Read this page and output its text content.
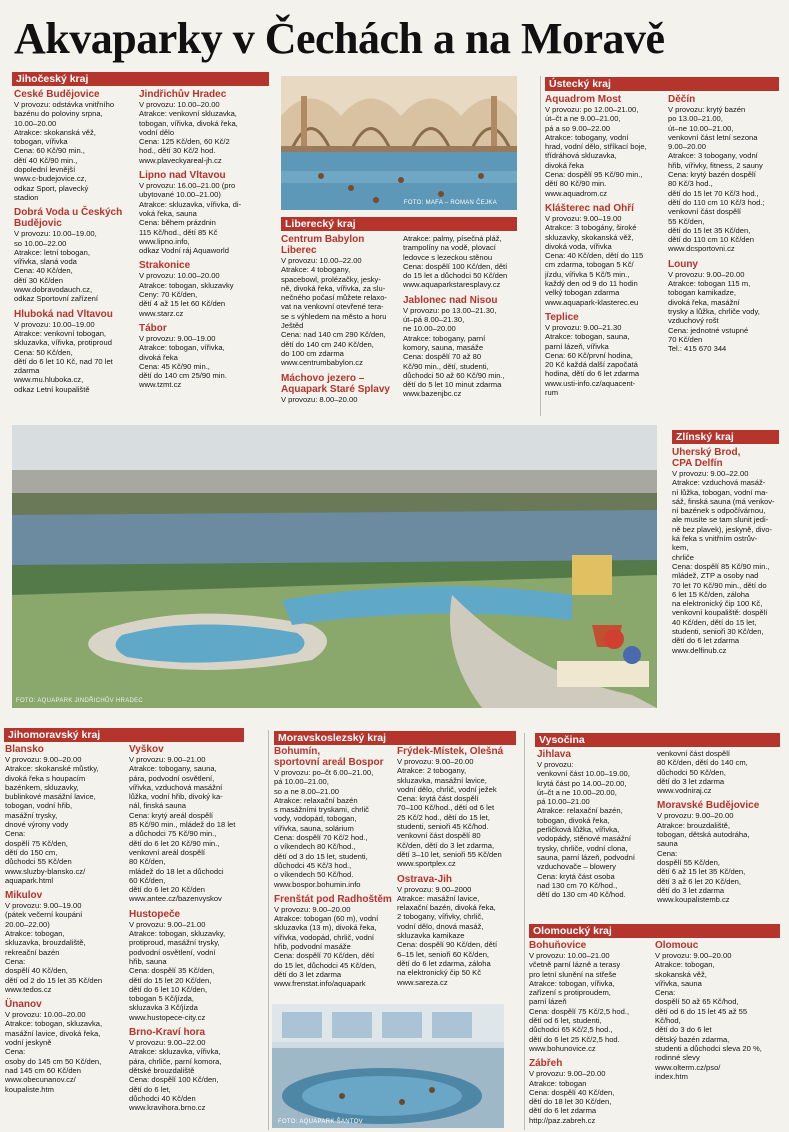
Akvaparky v Čechách a na Moravě
FOTO: MAFA – ROMAN ČEJKA
FOTO: AQUAPARK JINDŘICHŮV HRADEC
FOTO: AQUAPARK ŠANTOV
Jihočeský kraj	Ústecký kraj
Liberecký kraj
Zlínský kraj
Jihomoravský kraj	Moravskoslezský kraj	Vysočina
Olomoucký kraj
České Budějovice
V provozu: odstávka vnitřního
bazénu do poloviny srpna,
10.00–20.00
Atrakce: skokanská věž,
tobogan, vířivka
Cena: 60 Kč/90 min.,
dětí 40 Kč/90 min.,
dopolední levnější
www.c-budejovice.cz,
odkaz Sport, plavecký
stadion
Dobrá Voda u Českých
Budějovic
V provozu: 10.00–19.00,
so 10.00–22.00
Atrakce: letní tobogan,
vířivka, slaná voda
Cena: 40 Kč/den,
dětí 30 Kč/den
www.dobravodauch.cz,
odkaz Sportovní zařízení
Hluboká nad Vltavou
V provozu: 10.00–19.00
Atrakce: venkovní tobogan,
skluzavka, vířivka, protiproud
Cena: 50 Kč/den,
dětí do 6 let 10 Kč, nad 70 let
zdarma
www.mu.hluboka.cz,
odkaz Letní koupaliště
Jindřichův Hradec
V provozu: 10.00–20.00
Atrakce: venkovní skluzavka,
tobogan, vířivka, divoká řeka,
vodní dělo
Cena: 125 Kč/den, 60 Kč/2
hod., dětí 30 Kč/2 hod.
www.plaveckyareal-jh.cz
Lipno nad Vltavou
V provozu: 16.00–21.00 (pro
ubytované 10.00–21.00)
Atrakce: skluzavka, vířivka, di-
voká řeka, sauna
Cena: během prázdnin
115 Kč/hod., dětí 85 Kč
www.lipno.info,
odkaz Vodní ráj Aquaworld
Strakonice
V provozu: 10.00–20.00
Atrakce: tobogan, skluzavky
Ceny: 70 Kč/den,
dětí 4 až 15 let 60 Kč/den
www.starz.cz
Tábor
V provozu: 9.00–19.00
Atrakce: tobogan, vířivka,
divoká řeka
Cena: 45 Kč/90 min.,
dětí do 140 cm 25/90 min.
www.tzmt.cz
Centrum Babylon
Liberec
V provozu: 10.00–22.00
Atrakce: 4 tobogany,
spacebowl, prolézačky, jesky-
ně, divoká řeka, vířivka, za slu-
nečného počasí můžete relaxo-
vat na venkovní otevřené tera-
se s výhledem na město a horu
Ještěd
Cena: nad 140 cm 290 Kč/den,
dětí do 140 cm 240 Kč/den,
do 100 cm zdarma
www.centrumbabylon.cz
Máchovo jezero –
Aquapark Staré Splavy
V provozu: 8.00–20.00
Atrakce: palmy, písečná pláž,
trampolíny na vodě, plovací
ledovce s lezeckou stěnou
Cena: dospělí 100 Kč/den, dětí
do 15 let a důchodci 50 Kč/den
www.aquaparkstaresplavy.cz
Jablonec nad Nisou
V provozu: po 13.00–21.30,
út–pá 8.00–21.30,
ne 10.00–20.00
Atrakce: tobogany, parní
komory, sauna, masáže
Cena: dospělí 70 až 80
Kč/90 min., dětí, studenti,
důchodci 50 až 60 Kč/90 min.,
dětí do 5 let 10 minut zdarma
www.bazenjbc.cz
Aquadrom Most
V provozu: po 12.00–21.00,
út–čt a ne 9.00–21.00,
pá a so 9.00–22.00
Atrakce: tobogany, vodní
hrad, vodní dělo, stříkací boje,
třídráhová skluzavka,
divoká řeka
Cena: dospělí 95 Kč/90 min.,
dětí 80 Kč/90 min.
www.aquadrom.cz
Klášterec nad Ohří
V provozu: 9.00–19.00
Atrakce: 3 tobogány, široké
skluzavky, skokanská věž,
divoká voda, vířivka
Cena: 40 Kč/den, dětí do 115
cm zdarma, tobogan 5 Kč/
jízdu, vířivka 5 Kč/5 min.,
každý den od 9 do 11 hodin
velký tobogan zdarma
www.aquapark-klasterec.eu
Teplice
V provozu: 9.00–21.30
Atrakce: tobogan, sauna,
parní lázeň, vířivka
Cena: 60 Kč/první hodina,
20 Kč každá další započatá
hodina, dětí do 6 let zdarma
www.usti-info.cz/aquacent-
rum
Děčín
V provozu: krytý bazén
po 13.00–21.00,
út–ne 10.00–21.00,
venkovní část letní sezona
9.00–20.00
Atrakce: 3 tobogany, vodní
hřib, vířivky, fitness, 2 sauny
Cena: krytý bazén dospělí
80 Kč/3 hod.,
dětí do 15 let 70 Kč/3 hod.,
dětí do 110 cm 10 Kč/3 hod.;
venkovní část dospělí
55 Kč/den,
dětí do 15 let 35 Kč/den,
dětí do 110 cm 10 Kč/den
www.dcsportovni.cz
Louny
V provozu: 9.00–20.00
Atrakce: tobogan 115 m,
tobogan kamikadze,
divoká řeka, masážní
trysky a lůžka, chrliče vody,
vzduchový rošt
Cena: jednotné vstupné
70 Kč/den
Tel.: 415 670 344
Uherský Brod,
CPA Delfín
V provozu: 9.00–22.00
Atrakce: vzduchová masáž-
ní lůžka, tobogan, vodní ma-
sáž, finská sauna (má venkov-
ní bazének s odpočívárnou,
ale musíte se tam slunit jedi-
ně bez plavek), jeskyně, divo-
ká řeka s vnitřním ostrův-
kem,
chrliče
Cena: dospělí 85 Kč/90 min.,
mládež, ZTP a osoby nad
70 let 70 Kč/90 min., dětí do
6 let 15 Kč/den, záloha
na elektronický čip 100 Kč,
venkovní koupaliště: dospělí
40 Kč/den, dětí do 15 let,
studenti, senioři 30 Kč/den,
dětí do 6 let zdarma
www.delfinub.cz
Blansko
V provozu: 9.00–20.00
Atrakce: skokanské můstky,
divoká řeka s houpacím
bazénkem, skluzavky,
bublinkové masážní lavice,
tobogan, vodní hřib,
masážní trysky,
dnové výrony vody
Cena:
dospělí 75 Kč/den,
dětí do 150 cm,
důchodci 55 Kč/den
www.sluzby-blansko.cz/
aquapark.html
Mikulov
V provozu: 9.00–19.00
(pátek večerní koupání
20.00–22.00)
Atrakce: tobogan,
skluzavka, brouzdaliště,
rekreační bazén
Cena:
dospělí 40 Kč/den,
dětí od 2 do 15 let 35 Kč/den
www.tedos.cz
Ünanov
V provozu: 10.00–20.00
Atrakce: tobogan, skluzavka,
masážní lavice, divoká řeka,
vodní jeskyně
Cena:
osoby do 145 cm 50 Kč/den,
nad 145 cm 60 Kč/den
www.obecunanov.cz/
koupaliste.htm
Vyškov
V provozu: 9.00–21.00
Atrakce: tobogany, sauna,
pára, podvodní osvětlení,
vířivka, vzduchová masážní
lůžka, vodní hřib, divoký ka-
nál, finská sauna
Cena: krytý areál dospělí
85 Kč/90 min., mládež do 18 let
a důchodci 75 Kč/90 min.,
dětí do 6 let 20 Kč/90 min.,
venkovní areál dospělí
80 Kč/den,
mládež do 18 let a důchodci
60 Kč/den,
dětí do 6 let 20 Kč/den
www.antee.cz/bazenvyskov
Hustopeče
V provozu: 9.00–21.00
Atrakce: tobogan, skluzavky,
protiproud, masážní trysky,
podvodní osvětlení, vodní
hřib, sauna
Cena: dospělí 35 Kč/den,
dětí do 15 let 20 Kč/den,
dětí do 6 let 10 Kč/den,
tobogan 5 Kč/jízda,
skluzavka 3 Kč/jízda
www.hustopece-city.cz
Brno-Kraví hora
V provozu: 9.00–22.00
Atrakce: skluzavka, vířivka,
pára, chrliče, parní komora,
dětské brouzdaliště
Cena: dospělí 100 Kč/den,
dětí do 6 let,
důchodci 40 Kč/den
www.kravihora.brno.cz
Bohumín,
sportovní areál Bospor
V provozu: po–čt 6.00–21.00,
pá 10.00–21.00,
so a ne 8.00–21.00
Atrakce: relaxační bazén
s masážními tryskami, chrlič
vody, vodopád, tobogan,
vířivka, sauna, solárium
Cena: dospělí 70 Kč/2 hod.,
o víkendech 80 Kč/hod.,
dětí od 3 do 15 let, studenti,
důchodci 45 Kč/3 hod.,
o víkendech 50 Kč/hod.
www.bospor.bohumin.info
Frenštát pod Radhoštěm
V provozu: 9.00–20.00
Atrakce: tobogan (60 m), vodní
skluzavka (13 m), divoká řeka,
vířivka, vodopád, chrlič, vodní
hřib, podvodní masáže
Cena: dospělí 70 Kč/den, dětí
do 15 let, důchodci 45 Kč/den,
dětí do 3 let zdarma
www.frenstat.info/aquapark
Frýdek-Místek, Olešná
V provozu: 9.00–20.00
Atrakce: 2 tobogany,
skluzavka, masážní lavice,
vodní dělo, chrlič, vodní ježek
Cena: krytá část dospělí
70–100 Kč/hod., dětí od 6 let
25 Kč/2 hod., dětí do 15 let,
studenti, senioři 45 Kč/hod.
venkovní část dospělí 80
Kč/den, dětí do 3 let zdarma,
dětí 3–10 let, senioři 55 Kč/den
www.sportplex.cz
Ostrava-Jih
V provozu: 9.00–2000
Atrakce: masážní lavice,
relaxační bazén, divoká řeka,
2 tobogany, vířivky, chrlič,
vodní dělo, dnová masáž,
skluzavka kamikaze
Cena: dospělí 90 Kč/den, dětí
6–15 let, senioři 60 Kč/den,
dětí do 6 let zdarma, záloha
na elektronický čip 50 Kč
www.sareza.cz
Jihlava
V provozu:
venkovní část 10.00–19.00,
krytá část po 14.00–20.00,
út–čt a ne 10.00–20.00,
pá 10.00–21.00
Atrakce: relaxační bazén,
tobogan, divoká řeka,
perličková lůžka, vířivka,
vodopády, stěnové masážní
trysky, chrliče, vodní clona,
sauna, parní lázeň, podvodní
vzduchovače – blowery
Cena: krytá část osoba
nad 130 cm 70 Kč/hod.,
dětí do 130 cm 40 Kč/hod.
venkovní část dospělí
80 Kč/den, dětí do 140 cm,
důchodci 50 Kč/den,
dětí do 3 let zdarma
www.vodniraj.cz
Moravské Budějovice
V provozu: 9.00–20.00
Atrakce: brouzdaliště,
tobogan, dětská autodráha,
sauna
Cena:
dospělí 55 Kč/den,
dětí 6 až 15 let 35 Kč/den,
dětí 3 až 6 let 20 Kč/den,
dětí do 3 let zdarma
www.koupalistemb.cz
Bohuňovice
V provozu: 10.00–21.00
včetně parní lázně a terasy
pro letní slunění na střeše
Atrakce: tobogan, vířivka,
zařízení s protiproudem,
parní lázeň
Cena: dospělí 75 Kč/2,5 hod.,
dětí od 6 let, studenti,
důchodci 65 Kč/2,5 hod.,
dětí do 6 let 25 Kč/2,5 hod.
www.bohunovice.cz
Zábřeh
V provozu: 9.00–20.00
Atrakce: tobogan
Cena: dospělí 40 Kč/den,
dětí do 18 let 30 Kč/den,
dětí do 6 let zdarma
http://paz.zabreh.cz
Olomouc
V provozu: 9.00–20.00
Atrakce: tobogan,
skokanská věž,
vířivka, sauna
Cena:
dospělí 50 až 65 Kč/hod,
dětí od 6 do 15 let 45 až 55
Kč/hod,
dětí do 3 do 6 let
dětský bazén zdarma,
studenti a důchodci sleva 20 %,
rodinné slevy
www.olterm.cz/pso/
index.htm
